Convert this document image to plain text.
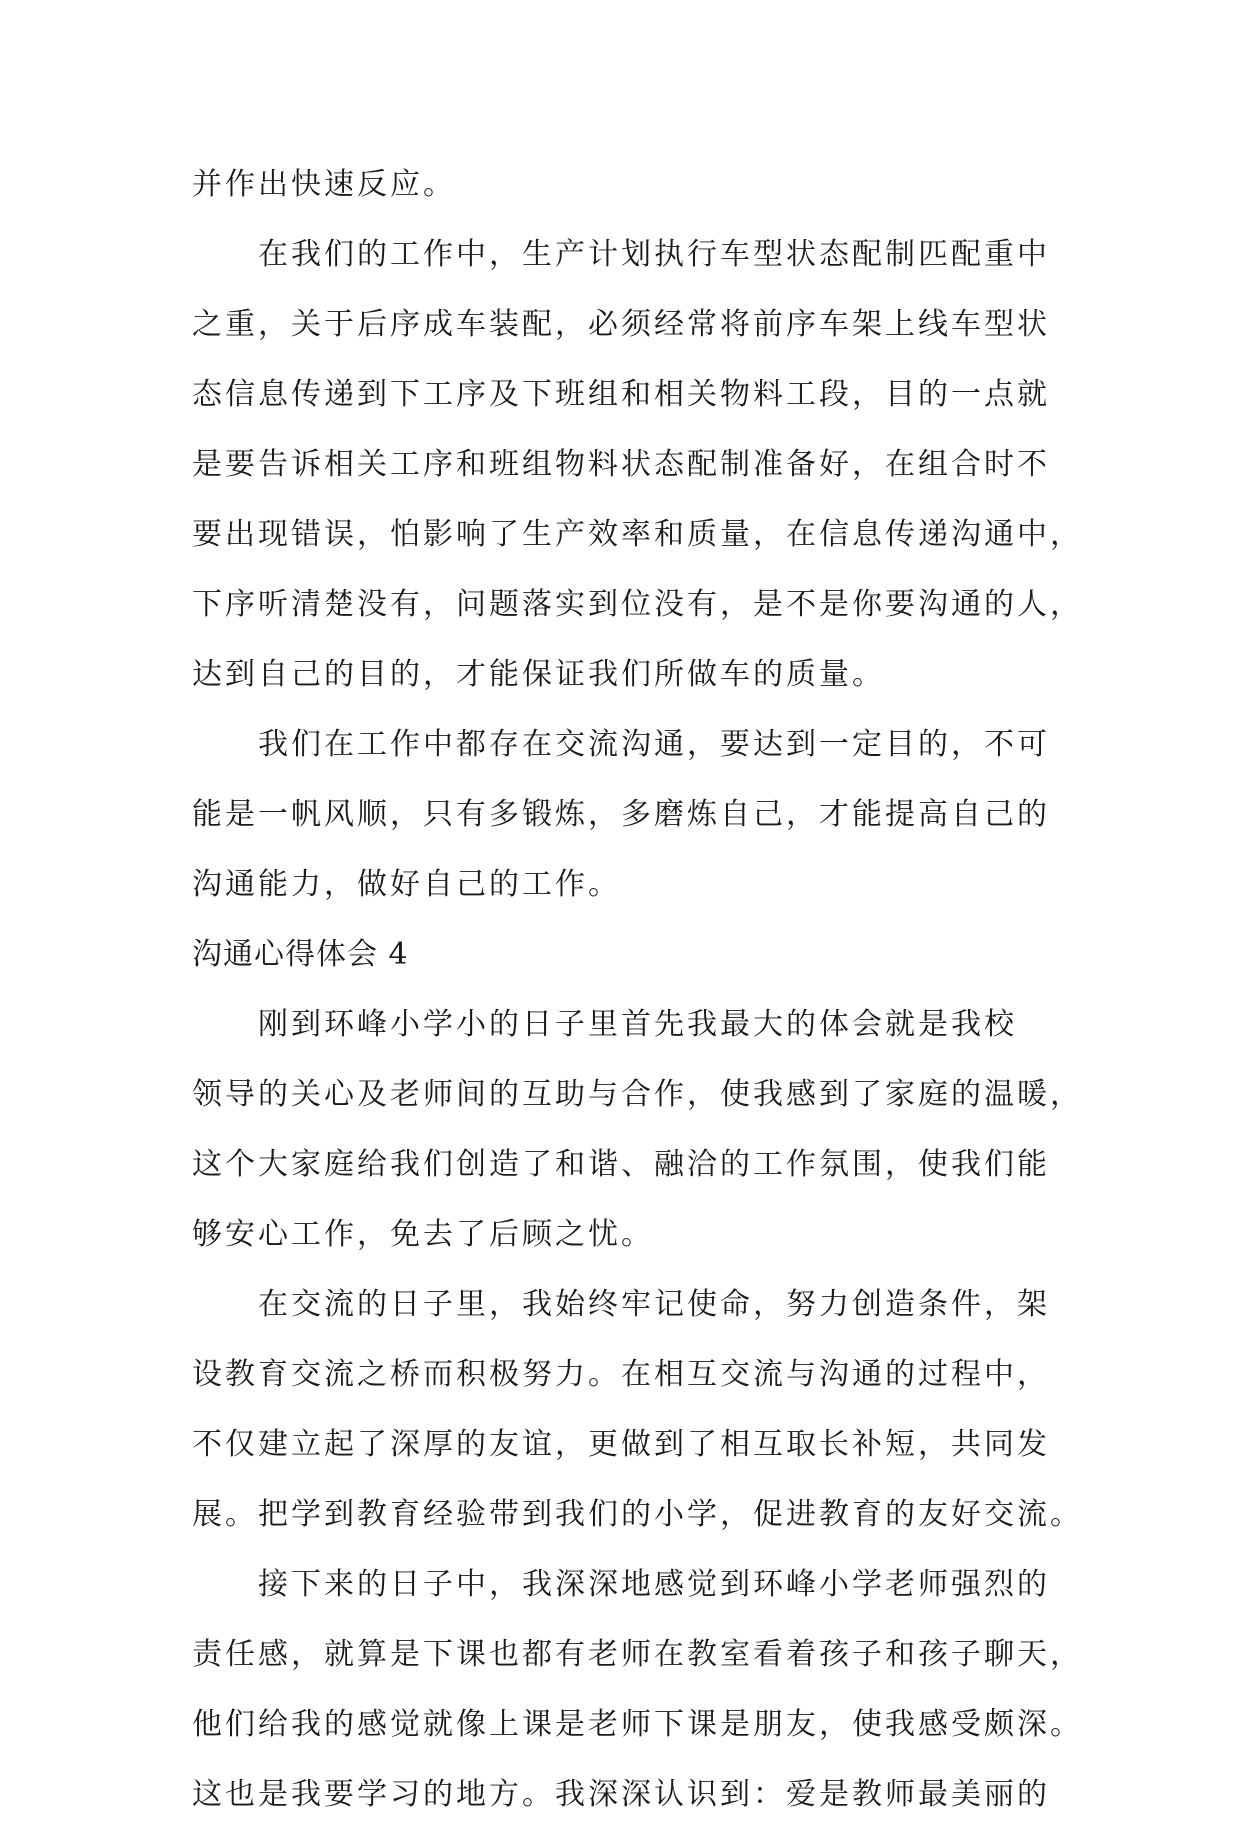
并作出快速反应。
在我们的工作中，生产计划执行车型状态配制匹配重中
之重，关于后序成车装配，必须经常将前序车架上线车型状
态信息传递到下工序及下班组和相关物料工段，目的一点就
是要告诉相关工序和班组物料状态配制准备好，在组合时不
要出现错误，怕影响了生产效率和质量，在信息传递沟通中，
下序听清楚没有，问题落实到位没有，是不是你要沟通的人，
达到自己的目的，才能保证我们所做车的质量。
我们在工作中都存在交流沟通，要达到一定目的，不可
能是一帆风顺，只有多锻炼，多磨炼自己，才能提高自己的
沟通能力，做好自己的工作。
沟通心得体会 4
刚到环峰小学小的日子里首先我最大的体会就是我校
领导的关心及老师间的互助与合作，使我感到了家庭的温暖，
这个大家庭给我们创造了和谐、融洽的工作氛围，使我们能
够安心工作，免去了后顾之忧。
在交流的日子里，我始终牢记使命，努力创造条件，架
设教育交流之桥而积极努力。在相互交流与沟通的过程中，
不仅建立起了深厚的友谊，更做到了相互取长补短，共同发
展。把学到教育经验带到我们的小学，促进教育的友好交流。
接下来的日子中，我深深地感觉到环峰小学老师强烈的
责任感，就算是下课也都有老师在教室看着孩子和孩子聊天，
他们给我的感觉就像上课是老师下课是朋友，使我感受颇深。
这也是我要学习的地方。我深深认识到：爱是教师最美丽的
